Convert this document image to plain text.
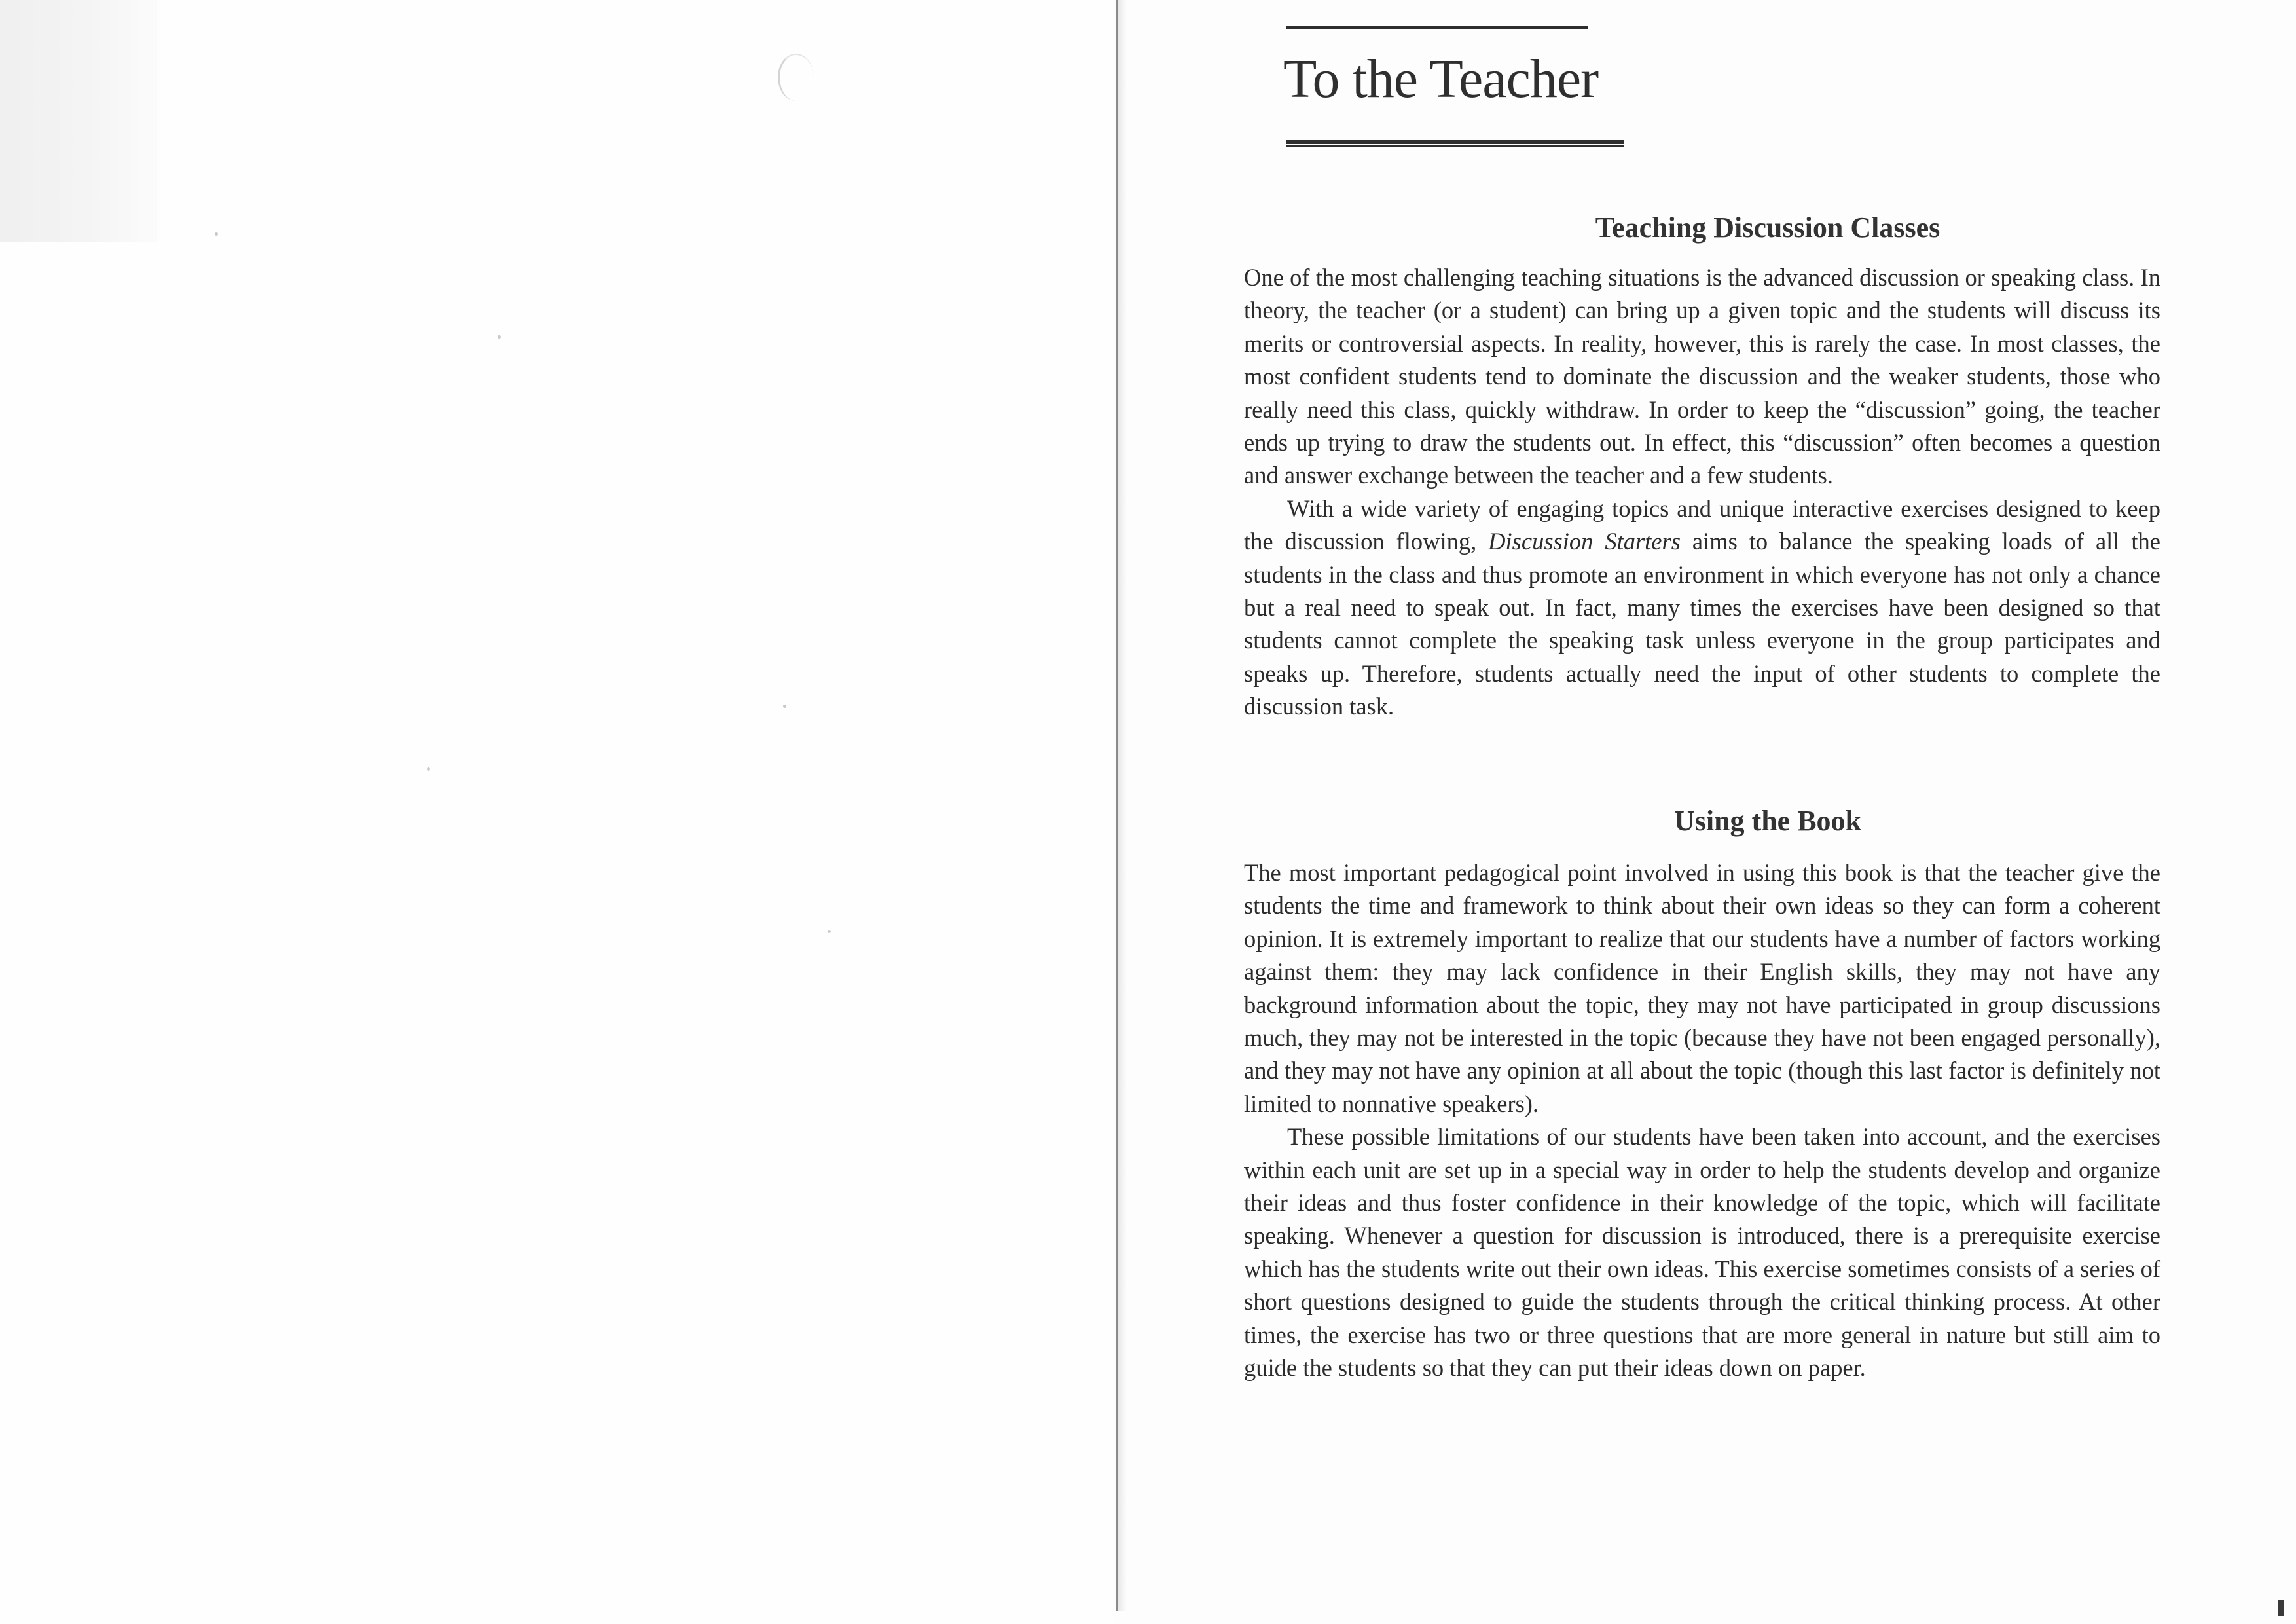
To the Teacher
Teaching Discussion Classes

One of the most challenging teaching situations is the advanced discussion or speaking class. In theory, the teacher (or a student) can bring up a given topic and the students will discuss its merits or controversial aspects. In reality, however, this is rarely the case. In most classes, the most confident students tend to dominate the discussion and the weaker students, those who really need this class, quickly withdraw. In order to keep the “discussion” going, the teacher ends up trying to draw the students out. In effect, this “discussion” often becomes a question and answer exchange between the teacher and a few students.

With a wide variety of engaging topics and unique interactive exercises designed to keep the discussion flowing, Discussion Starters aims to balance the speaking loads of all the students in the class and thus promote an environment in which everyone has not only a chance but a real need to speak out. In fact, many times the exercises have been designed so that students cannot complete the speaking task unless everyone in the group participates and speaks up. Therefore, students actually need the input of other students to complete the discussion task.

Using the Book

The most important pedagogical point involved in using this book is that the teacher give the students the time and framework to think about their own ideas so they can form a coherent opinion. It is extremely important to realize that our students have a number of factors working against them: they may lack confidence in their English skills, they may not have any background information about the topic, they may not have participated in group discussions much, they may not be interested in the topic (because they have not been engaged personally), and they may not have any opinion at all about the topic (though this last factor is definitely not limited to nonnative speakers).

These possible limitations of our students have been taken into account, and the exercises within each unit are set up in a special way in order to help the students develop and organize their ideas and thus foster confidence in their knowledge of the topic, which will facilitate speaking. Whenever a question for discussion is introduced, there is a prerequisite exercise which has the students write out their own ideas. This exercise sometimes consists of a series of short questions designed to guide the students through the critical thinking process. At other times, the exercise has two or three questions that are more general in nature but still aim to guide the students so that they can put their ideas down on paper.
